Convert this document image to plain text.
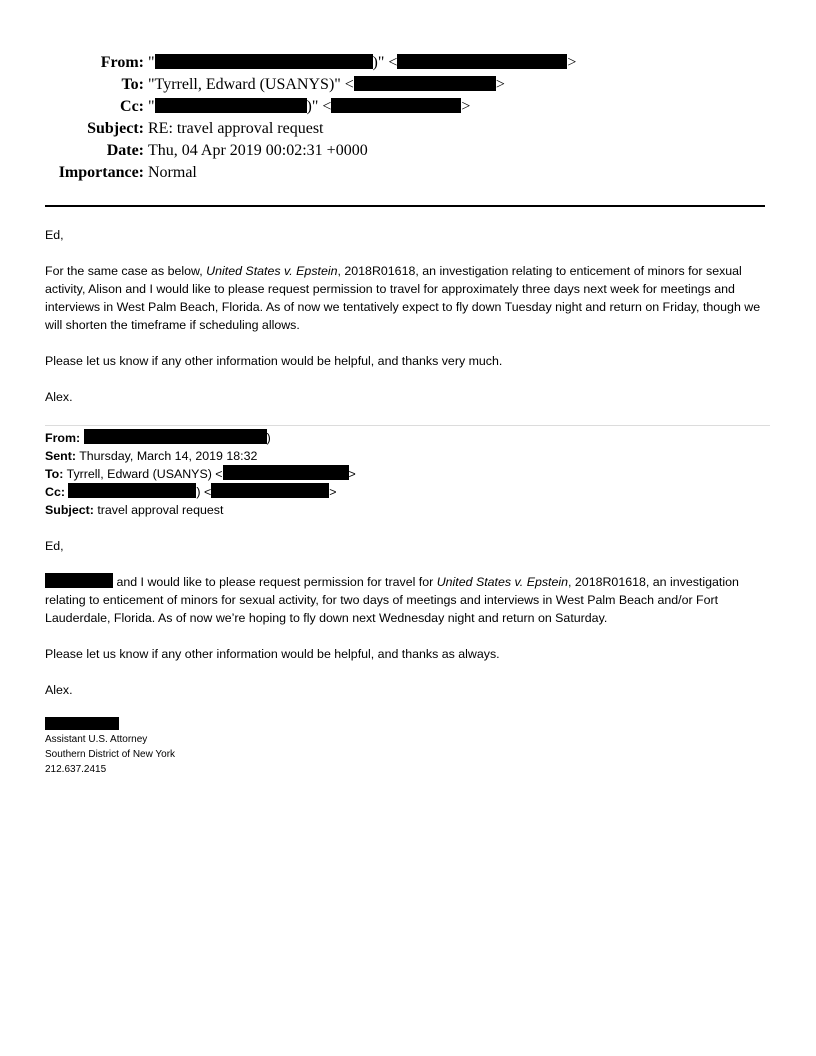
From: "	)" <	>
To: "Tyrrell, Edward (USANYS)" <	>
Cc: "	)" <	>
Subject: RE: travel approval request
Date: Thu, 04 Apr 2019 00:02:31 +0000
Importance: Normal

Ed,

For the same case as below, United States v. Epstein, 2018R01618, an investigation relating to enticement of minors for sexual activity, Alison and I would like to please request permission to travel for approximately three days next week for meetings and interviews in West Palm Beach, Florida. As of now we tentatively expect to fly down Tuesday night and return on Friday, though we will shorten the timeframe if scheduling allows.

Please let us know if any other information would be helpful, and thanks very much.

Alex.

From:	)

Sent: Thursday, March 14, 2019 18:32

To: Tyrrell, Edward (USANYS) <	>

Cc:	) <	>

Subject: travel approval request

Ed,

and I would like to please request permission for travel for United States v. Epstein, 2018R01618, an investigation relating to enticement of minors for sexual activity, for two days of meetings and interviews in West Palm Beach and/or Fort Lauderdale, Florida. As of now we’re hoping to fly down next Wednesday night and return on Saturday.

Please let us know if any other information would be helpful, and thanks as always.

Alex.

Assistant U.S. Attorney
Southern District of New York
212.637.2415
